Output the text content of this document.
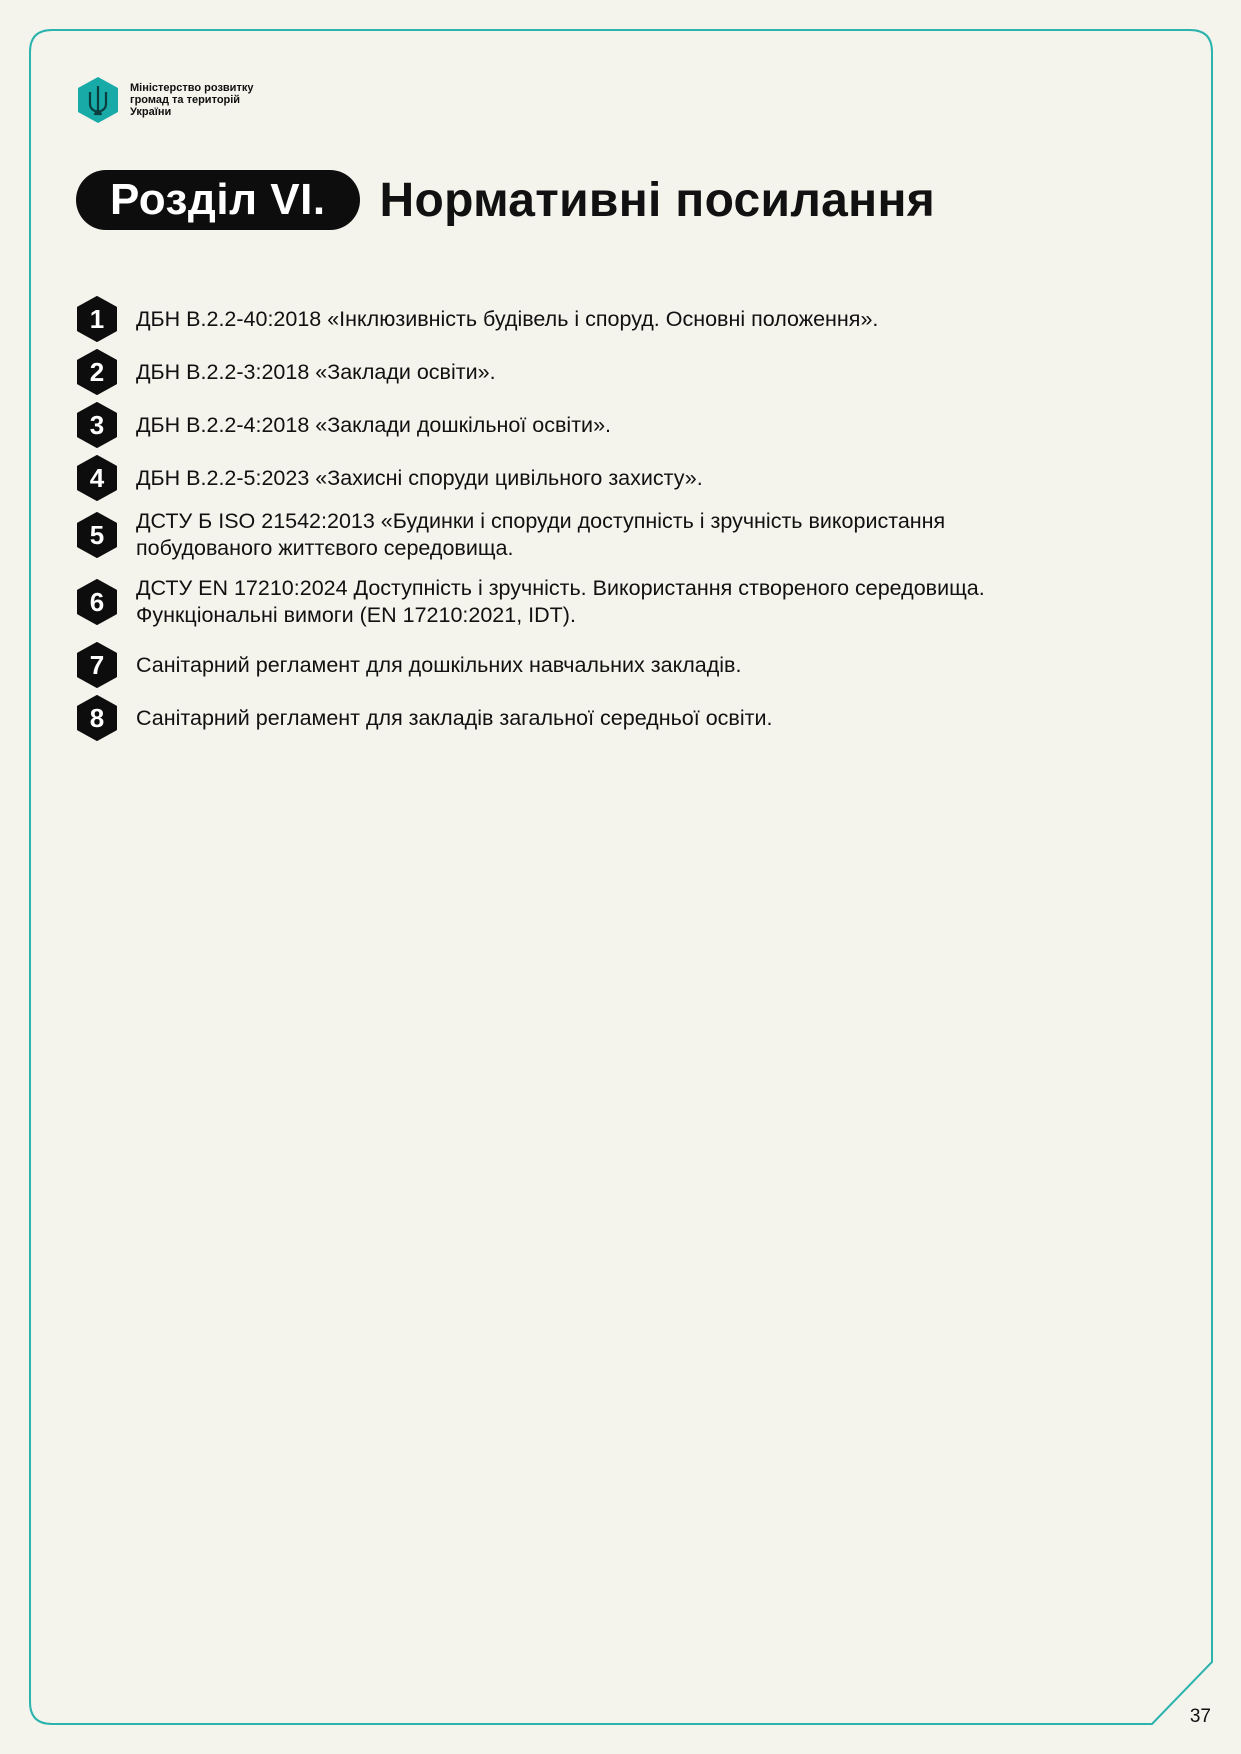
Міністерство розвитку
громад та територій
України
Розділ VI.	Нормативні посилання
1	ДБН В.2.2-40:2018 «Інклюзивність будівель і споруд. Основні положення».
2	ДБН В.2.2-3:2018 «Заклади освіти».
3	ДБН В.2.2-4:2018 «Заклади дошкільної освіти».
4	ДБН В.2.2-5:2023 «Захисні споруди цивільного захисту».
5	ДСТУ Б ISO 21542:2013 «Будинки і споруди доступність і зручність використання
побудованого життєвого середовища.
6	ДСТУ EN 17210:2024 Доступність і зручність. Використання створеного середовища.
Функціональні вимоги (EN 17210:2021, IDT).
7	Санітарний регламент для дошкільних навчальних закладів.
8	Санітарний регламент для закладів загальної середньої освіти.
37
